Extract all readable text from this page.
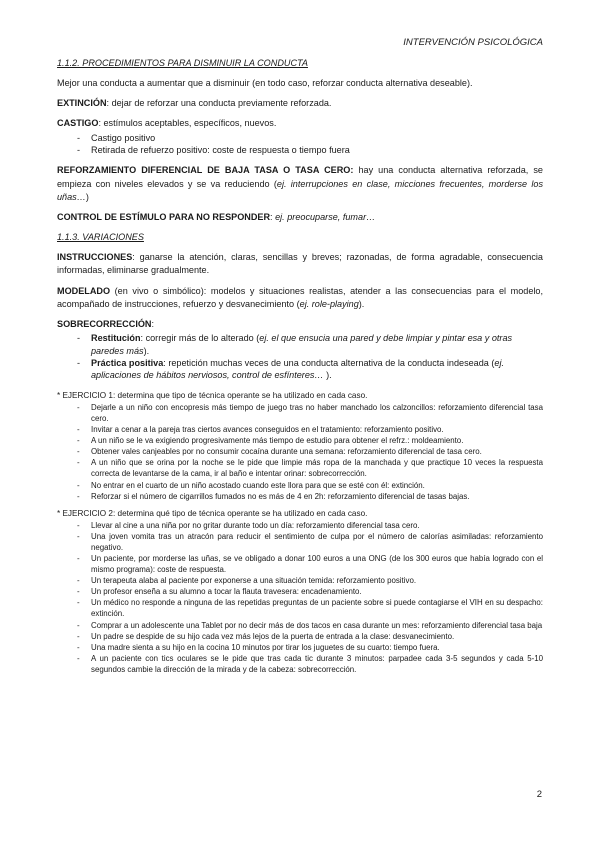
INTERVENCIÓN PSICOLÓGICA
1.1.2. PROCEDIMIENTOS PARA DISMINUIR LA CONDUCTA

Mejor una conducta a aumentar que a disminuir (en todo caso, reforzar conducta alternativa deseable).

EXTINCIÓN: dejar de reforzar una conducta previamente reforzada.

CASTIGO: estímulos aceptables, específicos, nuevos.

- Castigo positivo
- Retirada de refuerzo positivo: coste de respuesta o tiempo fuera

REFORZAMIENTO DIFERENCIAL DE BAJA TASA O TASA CERO: hay una conducta alternativa reforzada, se empieza con niveles elevados y se va reduciendo (ej. interrupciones en clase, micciones frecuentes, morderse los uñas…)

CONTROL DE ESTÍMULO PARA NO RESPONDER: ej. preocuparse, fumar…

1.1.3. VARIACIONES

INSTRUCCIONES: ganarse la atención, claras, sencillas y breves; razonadas, de forma agradable, consecuencia informadas, eliminarse gradualmente.

MODELADO (en vivo o simbólico): modelos y situaciones realistas, atender a las consecuencias para el modelo, acompañado de instrucciones, refuerzo y desvanecimiento (ej. role-playing).

SOBRECORRECCIÓN:

- Restitución: corregir más de lo alterado (ej. el que ensucia una pared y debe limpiar y pintar esa y otras paredes más).
- Práctica positiva: repetición muchas veces de una conducta alternativa de la conducta indeseada (ej. aplicaciones de hábitos nerviosos, control de esfínteres… ).

* EJERCICIO 1: determina que tipo de técnica operante se ha utilizado en cada caso.

- Dejarle a un niño con encopresis más tiempo de juego tras no haber manchado los calzoncillos: reforzamiento diferencial tasa cero.
- Invitar a cenar a la pareja tras ciertos avances conseguidos en el tratamiento: reforzamiento positivo.
- A un niño se le va exigiendo progresivamente más tiempo de estudio para obtener el refrz.: moldeamiento.
- Obtener vales canjeables por no consumir cocaína durante una semana: reforzamiento diferencial de tasa cero.
- A un niño que se orina por la noche se le pide que limpie más ropa de la manchada y que practique 10 veces la respuesta correcta de levantarse de la cama, ir al baño e intentar orinar: sobrecorrección.
- No entrar en el cuarto de un niño acostado cuando este llora para que se esté con él: extinción.
- Reforzar si el número de cigarrillos fumados no es más de 4 en 2h: reforzamiento diferencial de tasas bajas.

* EJERCICIO 2: determina qué tipo de técnica operante se ha utilizado en cada caso.

- Llevar al cine a una niña por no gritar durante todo un día: reforzamiento diferencial tasa cero.
- Una joven vomita tras un atracón para reducir el sentimiento de culpa por el número de calorías asimiladas: reforzamiento negativo.
- Un paciente, por morderse las uñas, se ve obligado a donar 100 euros a una ONG (de los 300 euros que había logrado con el mismo programa): coste de respuesta.
- Un terapeuta alaba al paciente por exponerse a una situación temida: reforzamiento positivo.
- Un profesor enseña a su alumno a tocar la flauta travesera: encadenamiento.
- Un médico no responde a ninguna de las repetidas preguntas de un paciente sobre si puede contagiarse el VIH en su despacho: extinción.
- Comprar a un adolescente una Tablet por no decir más de dos tacos en casa durante un mes: reforzamiento diferencial tasa baja
- Un padre se despide de su hijo cada vez más lejos de la puerta de entrada a la clase: desvanecimiento.
- Una madre sienta a su hijo en la cocina 10 minutos por tirar los juguetes de su cuarto: tiempo fuera.
- A un paciente con tics oculares se le pide que tras cada tic durante 3 minutos: parpadee cada 3-5 segundos y cada 5-10 segundos cambie la dirección de la mirada y de la cabeza: sobrecorrección.
2
